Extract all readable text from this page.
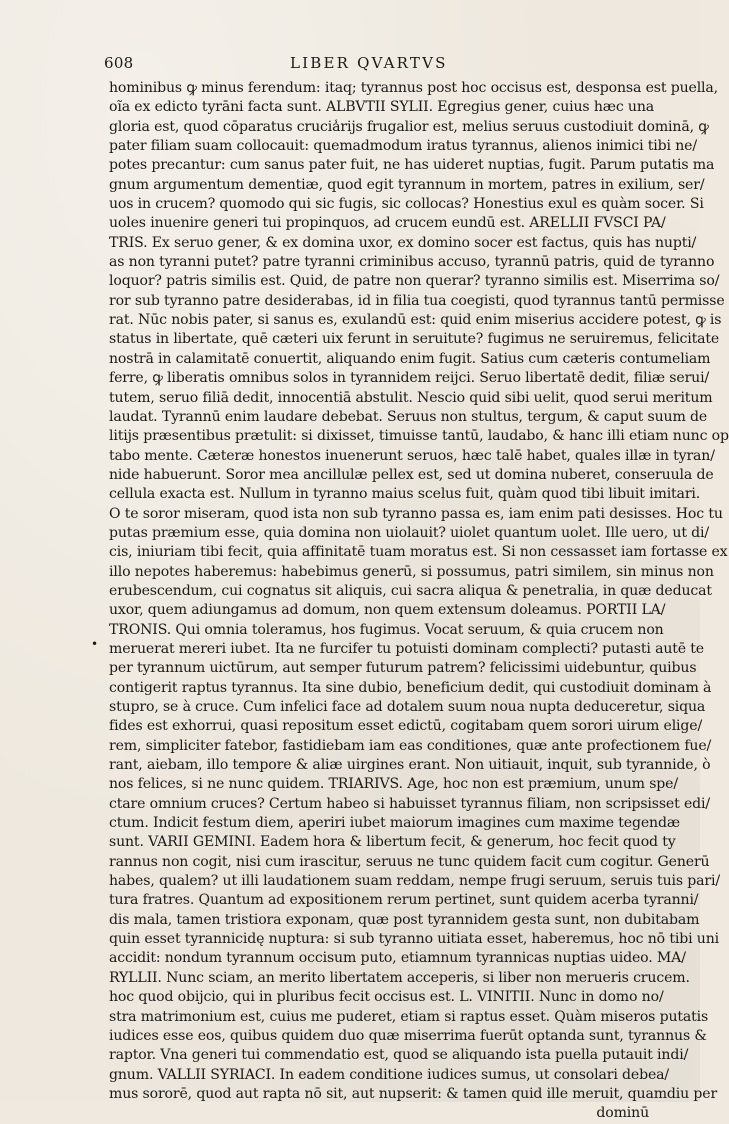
608	LIBER QVARTVS
•
hominibus ꝙ minus ferendum: itaq; tyrannus post hoc occisus est, desponsa est puella,
oĩa ex edicto tyrāni facta sunt. ALBVTII SYLII. Egregius gener, cuius hæc una
gloria est, quod cōparatus crucia̾rijs frugalior est, melius seruus custodiuit dominā, ꝙ
pater filiam suam collocauit: quemadmodum iratus tyrannus, alienos inimici tibi ne/
potes precantur: cum sanus pater fuit, ne has uideret nuptias, fugit. Parum putatis ma
gnum argumentum dementiæ, quod egit tyrannum in mortem, patres in exilium, ser/
uos in crucem? quomodo qui sic fugis, sic collocas? Honestius exul es quàm socer. Si
uoles inuenire generi tui propinquos, ad crucem eundū est. ARELLII FVSCI PA/
TRIS. Ex seruo gener, & ex domina uxor, ex domino socer est factus, quis has nupti/
as non tyranni putet? patre tyranni criminibus accuso, tyrannū patris, quid de tyranno
loquor? patris similis est. Quid, de patre non querar? tyranno similis est. Miserrima so/
ror sub tyranno patre desiderabas, id in filia tua coegisti, quod tyrannus tantū permisse
rat. Nūc nobis pater, si sanus es, exulandū est: quid enim miserius accidere potest, ꝙ is
status in libertate, quē cæteri uix ferunt in seruitute? fugimus ne seruiremus, felicitate
nostrā in calamitatē conuertit, aliquando enim fugit. Satius cum cæteris contumeliam
ferre, ꝙ liberatis omnibus solos in tyrannidem reijci. Seruo libertatē dedit, filiæ serui/
tutem, seruo filiā dedit, innocentiā abstulit. Nescio quid sibi uelit, quod serui meritum
laudat. Tyrannū enim laudare debebat. Seruus non stultus, tergum, & caput suum de
litijs præsentibus prætulit: si dixisset, timuisse tantū, laudabo, & hanc illi etiam nunc op
tabo mente. Cæteræ honestos inuenerunt seruos, hæc talē habet, quales illæ in tyran/
nide habuerunt. Soror mea ancillulæ pellex est, sed ut domina nuberet, conseruula de
cellula exacta est. Nullum in tyranno maius scelus fuit, quàm quod tibi libuit imitari.
O te soror miseram, quod ista non sub tyranno passa es, iam enim pati desisses. Hoc tu
putas præmium esse, quia domina non uiolauit? uiolet quantum uolet. Ille uero, ut di/
cis, iniuriam tibi fecit, quia affinitatē tuam moratus est. Si non cessasset iam fortasse ex
illo nepotes haberemus: habebimus generū, si possumus, patri similem, sin minus non
erubescendum, cui cognatus sit aliquis, cui sacra aliqua & penetralia, in quæ deducat
uxor, quem adiungamus ad domum, non quem extensum doleamus. PORTII LA/
TRONIS. Qui omnia toleramus, hos fugimus. Vocat seruum, & quia crucem non
meruerat mereri iubet. Ita ne furcifer tu potuisti dominam complecti? putasti autē te
per tyrannum uictūrum, aut semper futurum patrem? felicissimi uidebuntur, quibus
contigerit raptus tyrannus. Ita sine dubio, beneficium dedit, qui custodiuit dominam à
stupro, se à cruce. Cum infelici face ad dotalem suum noua nupta deduceretur, siqua
fides est exhorrui, quasi repositum esset edictū, cogitabam quem sorori uirum elige/
rem, simpliciter fatebor, fastidiebam iam eas conditiones, quæ ante profectionem fue/
rant, aiebam, illo tempore & aliæ uirgines erant. Non uitiauit, inquit, sub tyrannide, ò
nos felices, si ne nunc quidem. TRIARIVS. Age, hoc non est præmium, unum spe/
ctare omnium cruces? Certum habeo si habuisset tyrannus filiam, non scripsisset edi/
ctum. Indicit festum diem, aperiri iubet maiorum imagines cum maxime tegendæ
sunt. VARII GEMINI. Eadem hora & libertum fecit, & generum, hoc fecit quod ty
rannus non cogit, nisi cum irascitur, seruus ne tunc quidem facit cum cogitur. Generū
habes, qualem? ut illi laudationem suam reddam, nempe frugi seruum, seruis tuis pari/
tura fratres. Quantum ad expositionem rerum pertinet, sunt quidem acerba tyranni/
dis mala, tamen tristiora exponam, quæ post tyrannidem gesta sunt, non dubitabam
quin esset tyrannicidę nuptura: si sub tyranno uitiata esset, haberemus, hoc nō tibi uni
accidit: nondum tyrannum occisum puto, etiamnum tyrannicas nuptias uideo. MA/
RYLLII. Nunc sciam, an merito libertatem acceperis, si liber non merueris crucem.
hoc quod obijcio, qui in pluribus fecit occisus est. L. VINITII. Nunc in domo no/
stra matrimonium est, cuius me puderet, etiam si raptus esset. Quàm miseros putatis
iudices esse eos, quibus quidem duo quæ miserrima fuerūt optanda sunt, tyrannus &
raptor. Vna generi tui commendatio est, quod se aliquando ista puella putauit indi/
gnum. VALLII SYRIACI. In eadem conditione iudices sumus, ut consolari debea/
mus sororē, quod aut rapta nō sit, aut nupserit: & tamen quid ille meruit, quamdiu per
dominū
